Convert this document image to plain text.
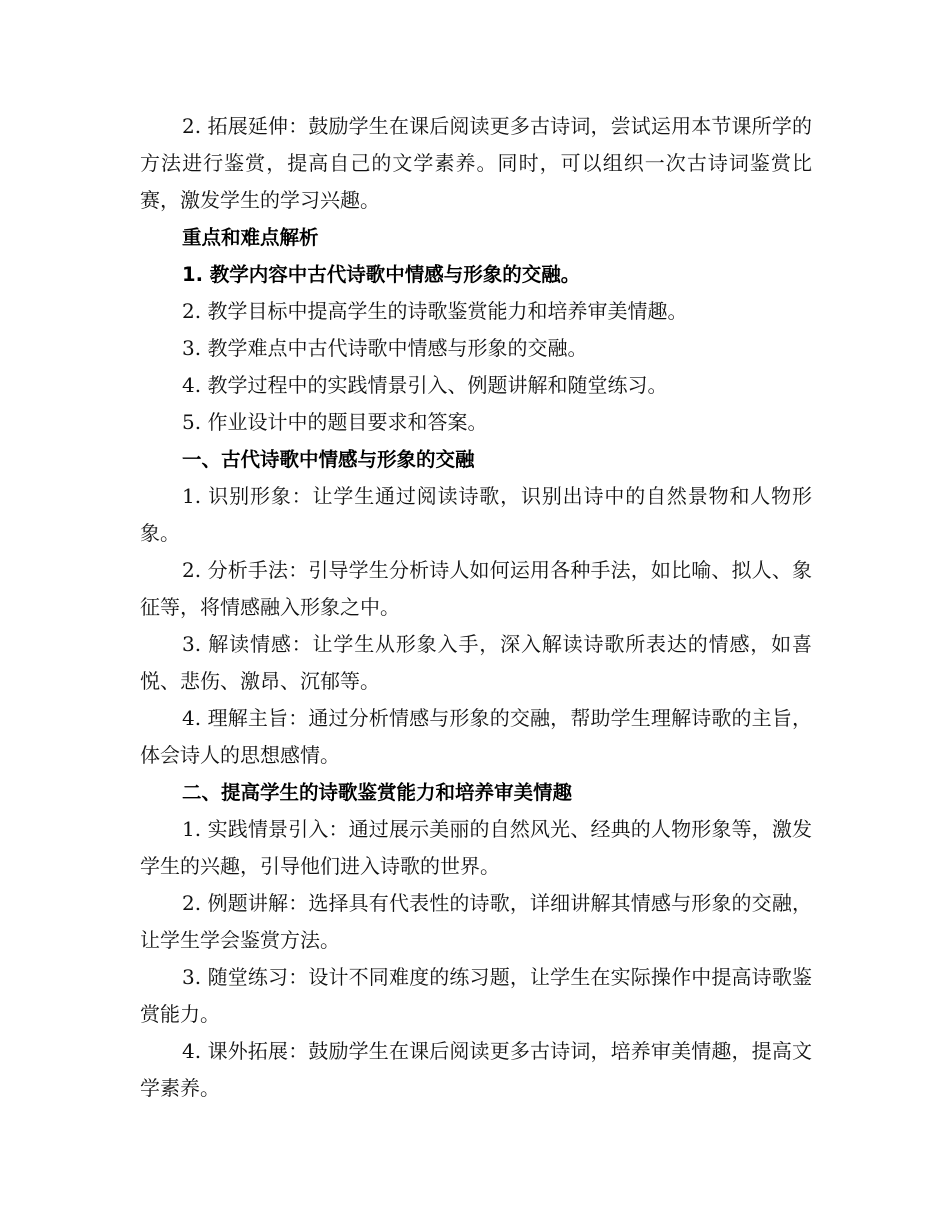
2. 拓展延伸：鼓励学生在课后阅读更多古诗词，尝试运用本节课所学的方法进行鉴赏，提高自己的文学素养。同时，可以组织一次古诗词鉴赏比赛，激发学生的学习兴趣。

重点和难点解析

1. 教学内容中古代诗歌中情感与形象的交融。

2. 教学目标中提高学生的诗歌鉴赏能力和培养审美情趣。

3. 教学难点中古代诗歌中情感与形象的交融。

4. 教学过程中的实践情景引入、例题讲解和随堂练习。

5. 作业设计中的题目要求和答案。

一、古代诗歌中情感与形象的交融

1. 识别形象：让学生通过阅读诗歌，识别出诗中的自然景物和人物形象。

2. 分析手法：引导学生分析诗人如何运用各种手法，如比喻、拟人、象征等，将情感融入形象之中。

3. 解读情感：让学生从形象入手，深入解读诗歌所表达的情感，如喜悦、悲伤、激昂、沉郁等。

4. 理解主旨：通过分析情感与形象的交融，帮助学生理解诗歌的主旨，体会诗人的思想感情。

二、提高学生的诗歌鉴赏能力和培养审美情趣

1. 实践情景引入：通过展示美丽的自然风光、经典的人物形象等，激发学生的兴趣，引导他们进入诗歌的世界。

2. 例题讲解：选择具有代表性的诗歌，详细讲解其情感与形象的交融，让学生学会鉴赏方法。

3. 随堂练习：设计不同难度的练习题，让学生在实际操作中提高诗歌鉴赏能力。

4. 课外拓展：鼓励学生在课后阅读更多古诗词，培养审美情趣，提高文学素养。
